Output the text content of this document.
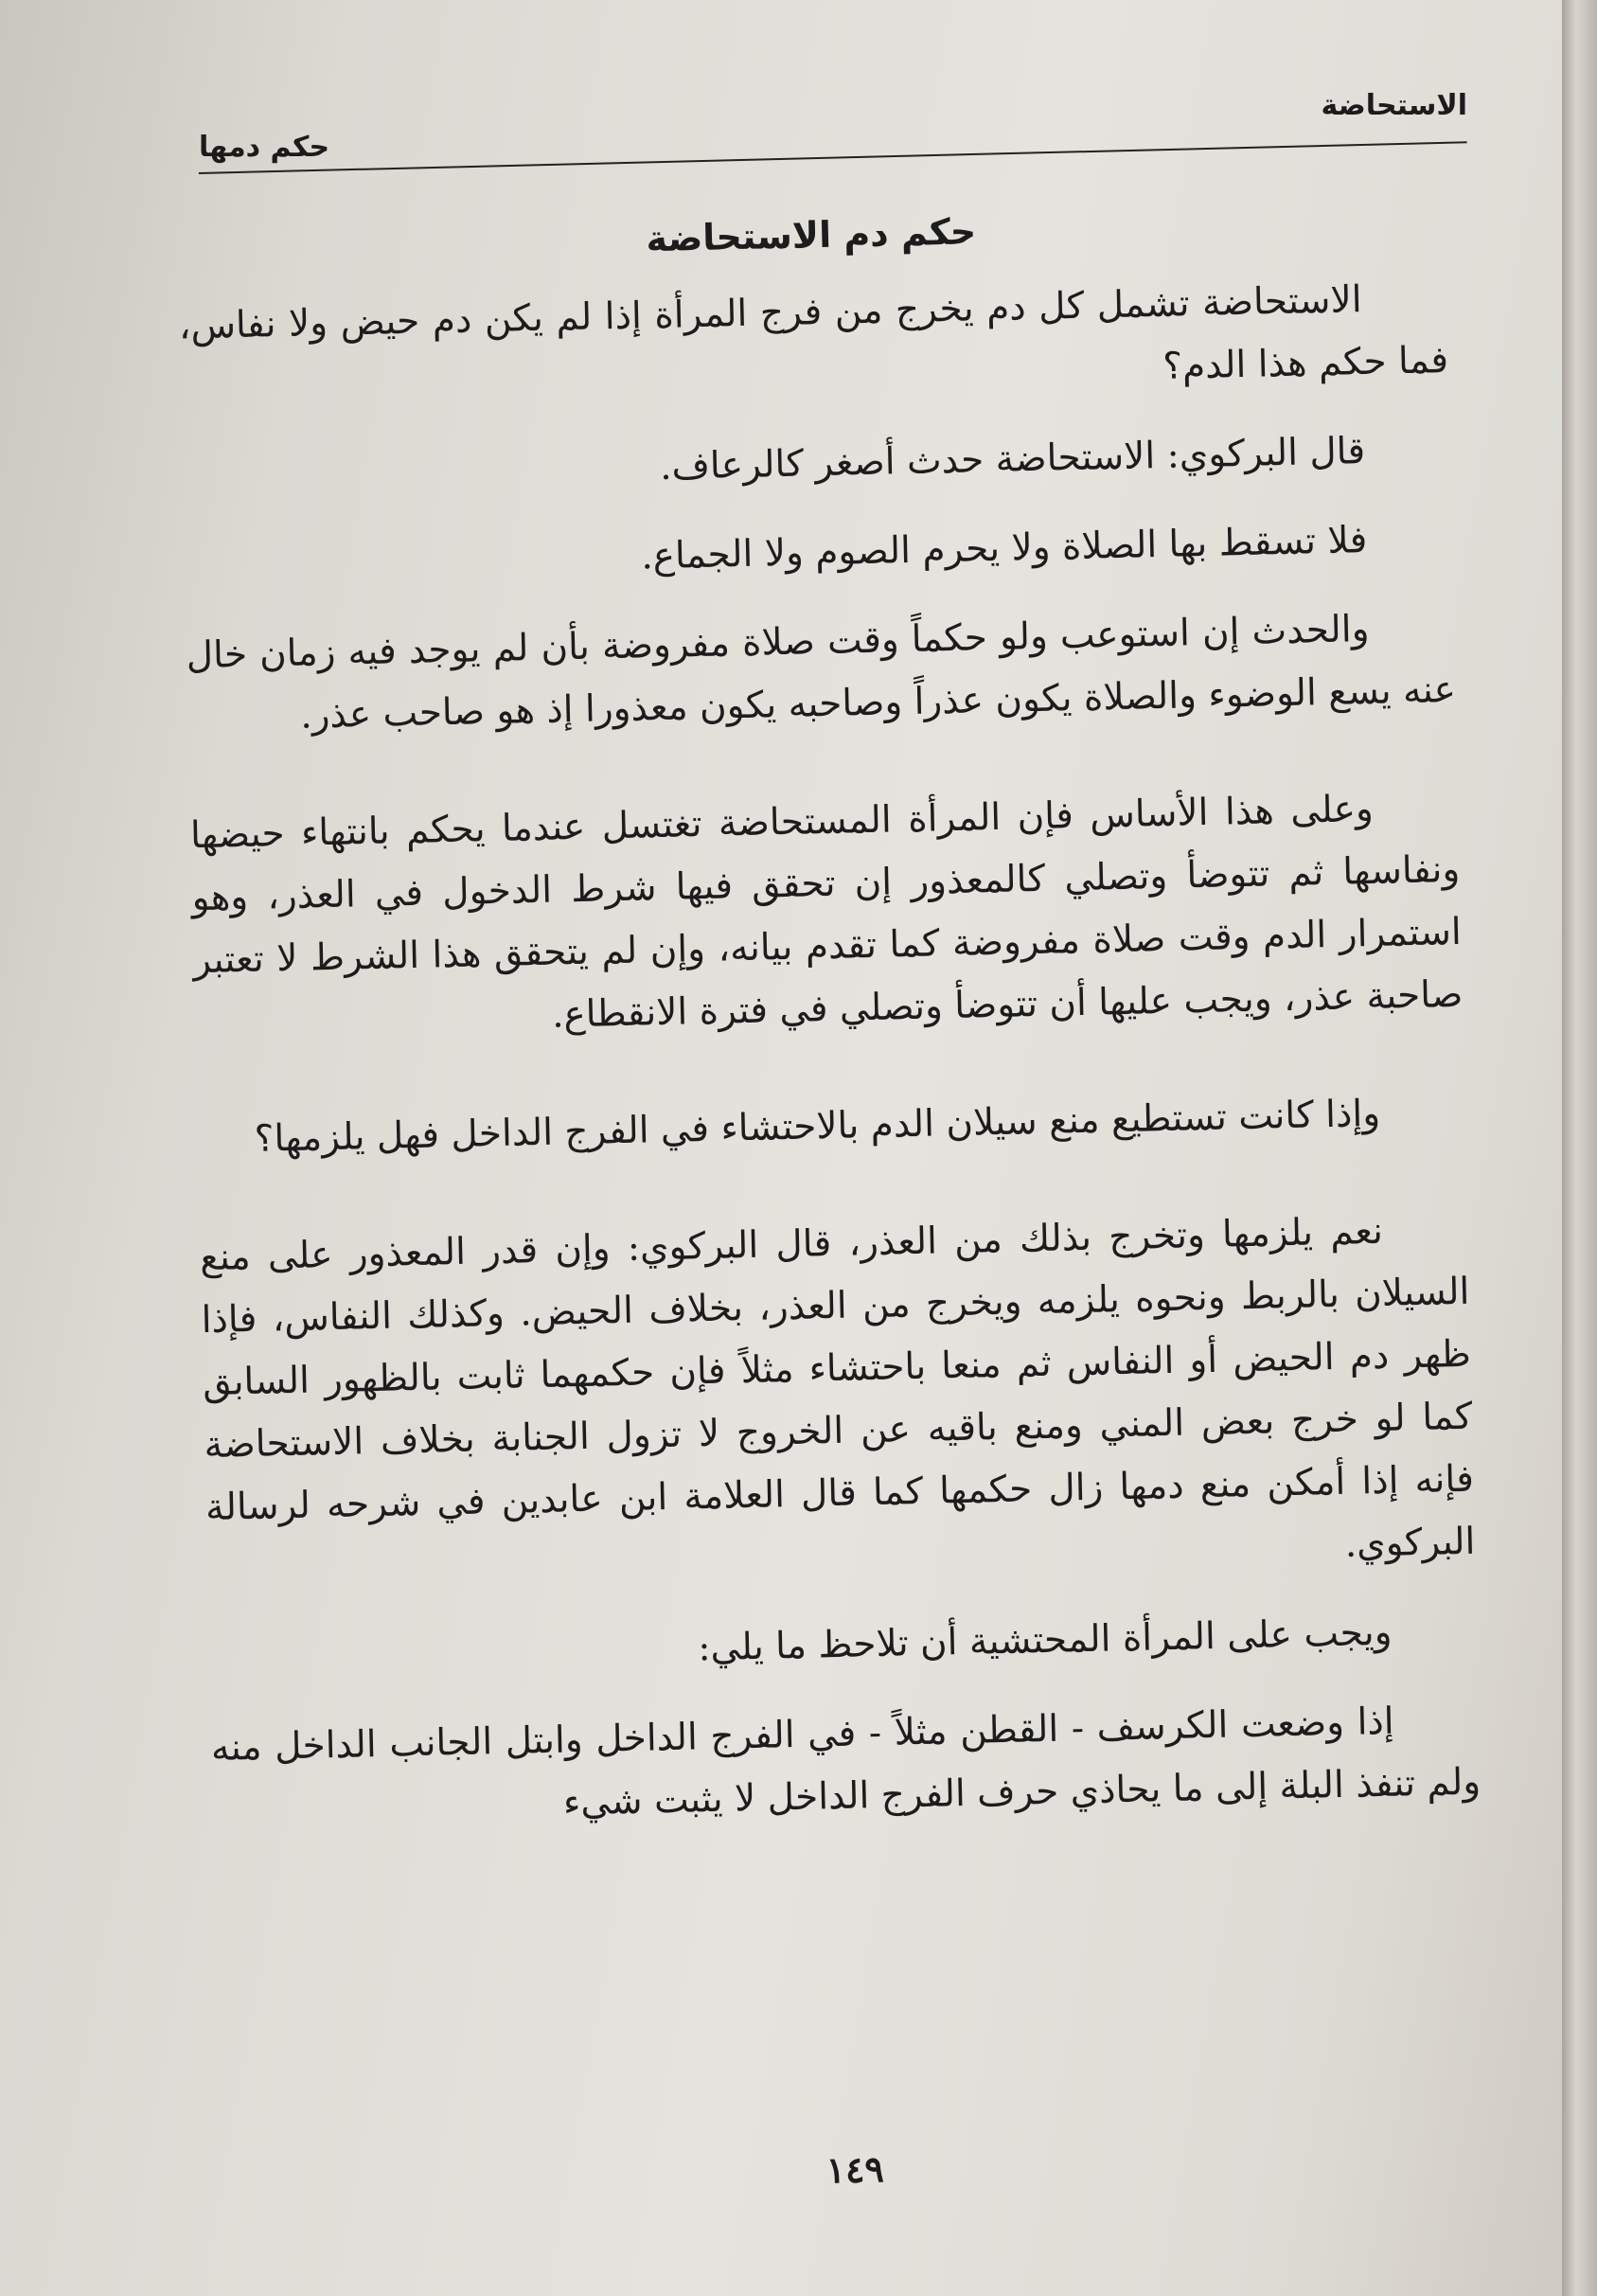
الاستحاضة
حكم دمها
حكم دم الاستحاضة

الاستحاضة تشمل كل دم يخرج من فرج المرأة إذا لم يكن دم حيض ولا نفاس، فما حكم هذا الدم؟

قال البركوي: الاستحاضة حدث أصغر كالرعاف.

فلا تسقط بها الصلاة ولا يحرم الصوم ولا الجماع.

والحدث إن استوعب ولو حكماً وقت صلاة مفروضة بأن لم يوجد فيه زمان خال عنه يسع الوضوء والصلاة يكون عذراً وصاحبه يكون معذورا إذ هو صاحب عذر.

وعلى هذا الأساس فإن المرأة المستحاضة تغتسل عندما يحكم بانتهاء حيضها ونفاسها ثم تتوضأ وتصلي كالمعذور إن تحقق فيها شرط الدخول في العذر، وهو استمرار الدم وقت صلاة مفروضة كما تقدم بيانه، وإن لم يتحقق هذا الشرط لا تعتبر صاحبة عذر، ويجب عليها أن تتوضأ وتصلي في فترة الانقطاع.

وإذا كانت تستطيع منع سيلان الدم بالاحتشاء في الفرج الداخل فهل يلزمها؟

نعم يلزمها وتخرج بذلك من العذر، قال البركوي: وإن قدر المعذور على منع السيلان بالربط ونحوه يلزمه ويخرج من العذر، بخلاف الحيض. وكذلك النفاس، فإذا ظهر دم الحيض أو النفاس ثم منعا باحتشاء مثلاً فإن حكمهما ثابت بالظهور السابق كما لو خرج بعض المني ومنع باقيه عن الخروج لا تزول الجنابة بخلاف الاستحاضة فإنه إذا أمكن منع دمها زال حكمها كما قال العلامة ابن عابدين في شرحه لرسالة البركوي.

ويجب على المرأة المحتشية أن تلاحظ ما يلي:

إذا وضعت الكرسف - القطن مثلاً - في الفرج الداخل وابتل الجانب الداخل منه ولم تنفذ البلة إلى ما يحاذي حرف الفرج الداخل لا يثبت شيء

١٤٩
